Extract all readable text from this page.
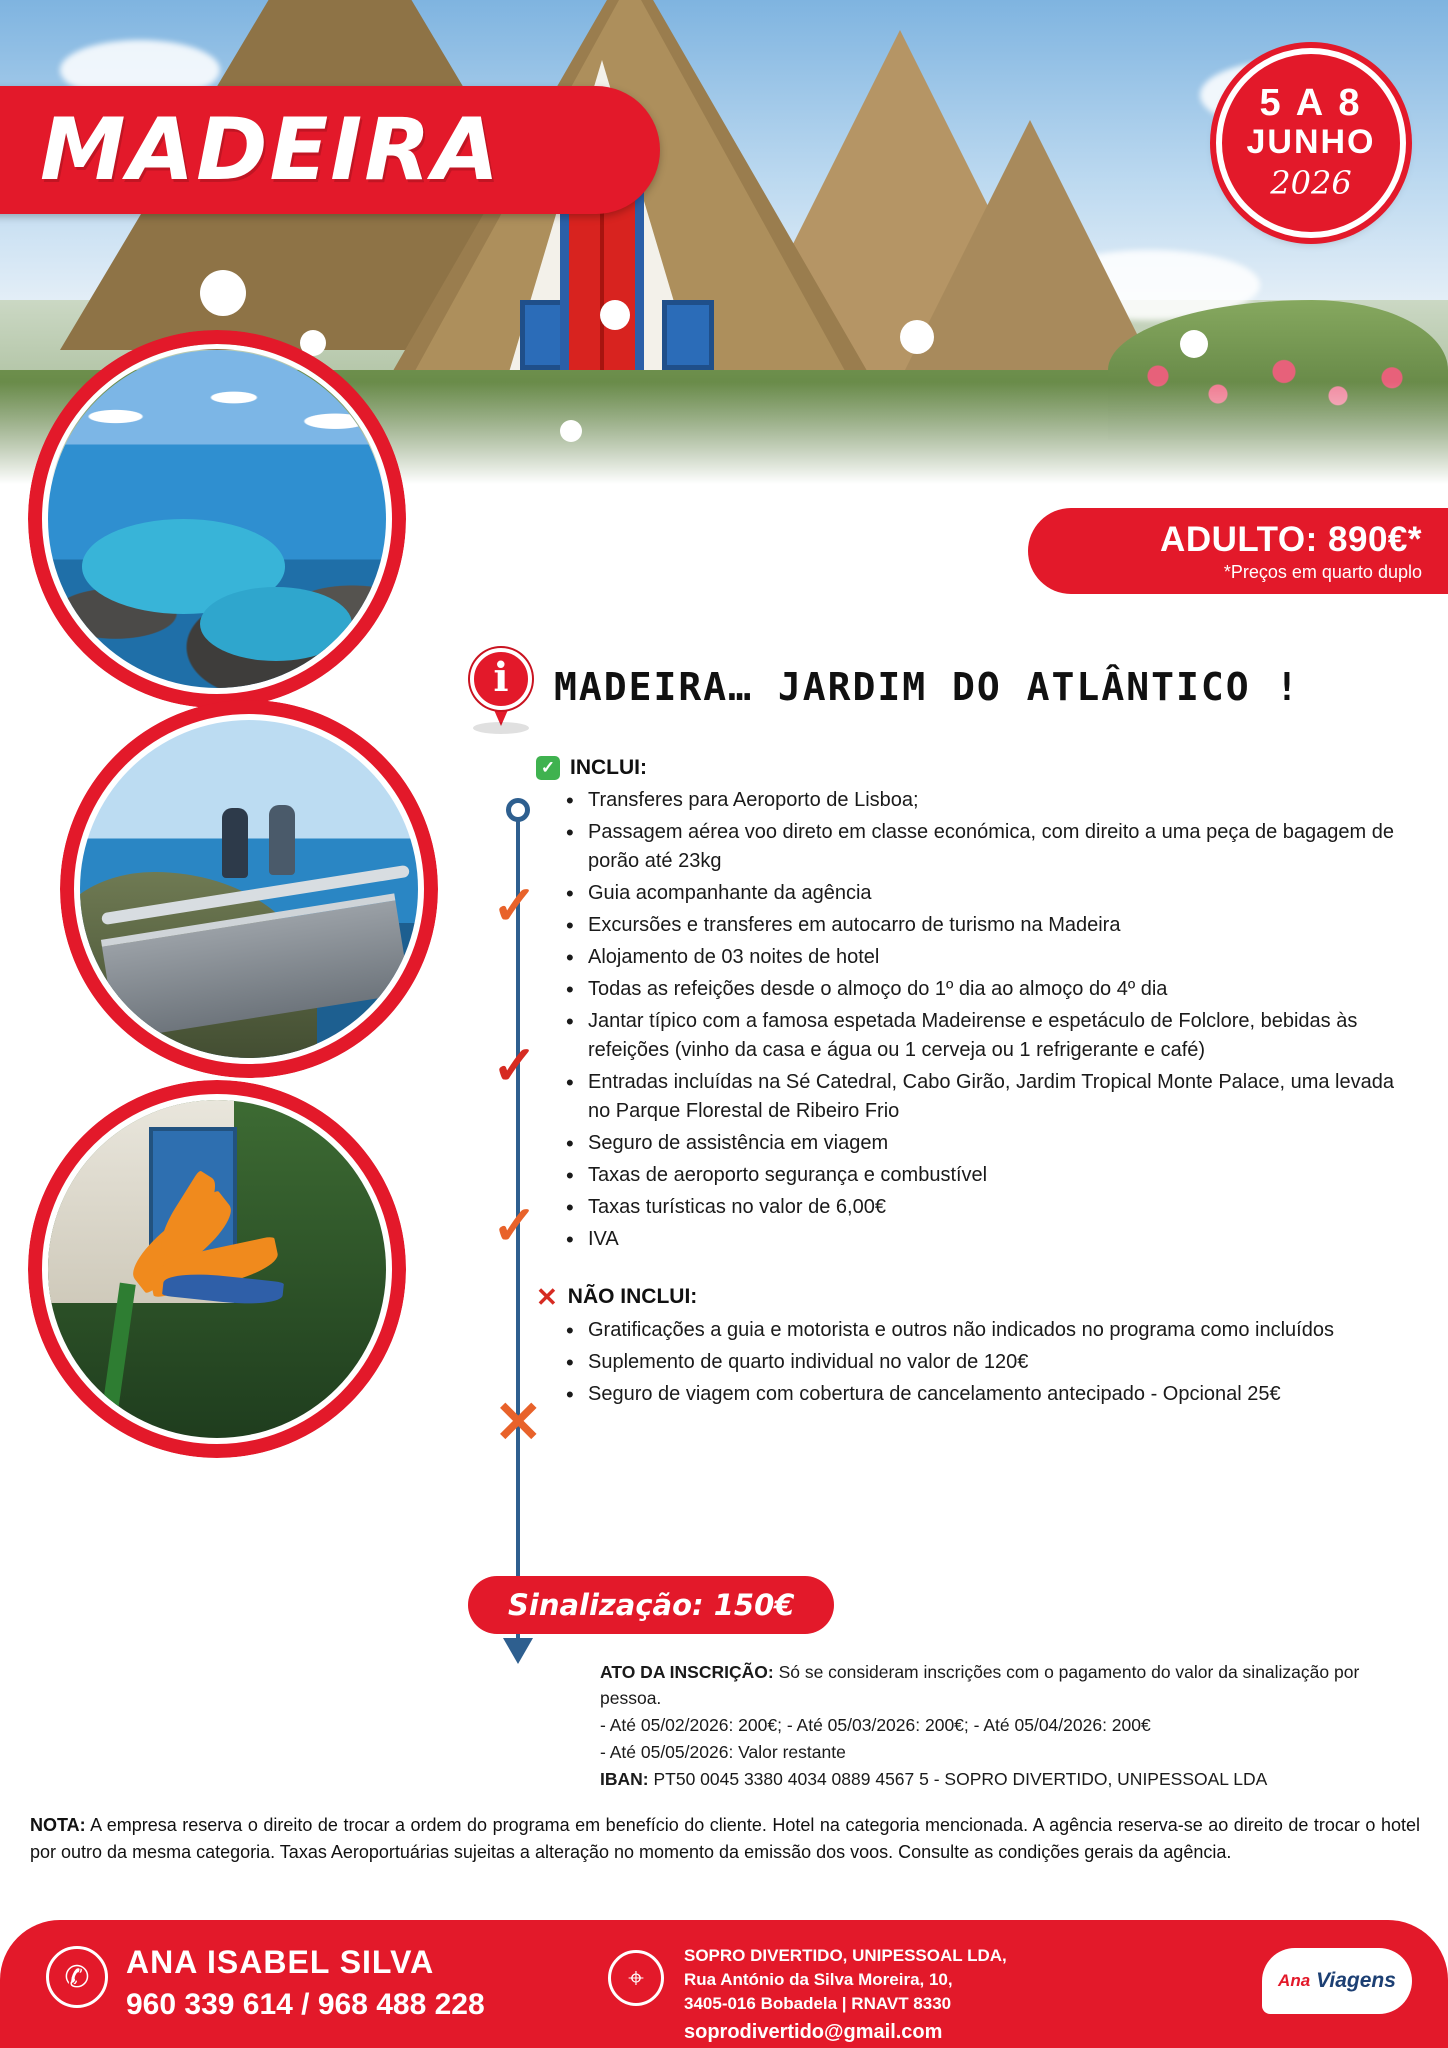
MADEIRA	5 A 8
JUNHO
2026
ADULTO: 890€*
*Preços em quarto duplo
✓
✓
✓
✕
i	MADEIRA… JARDIM DO ATLÂNTICO !
✓ INCLUI:
• Transferes para Aeroporto de Lisboa;
• Passagem aérea voo direto em classe económica, com direito a uma peça de bagagem de porão até 23kg
• Guia acompanhante da agência
• Excursões e transferes em autocarro de turismo na Madeira
• Alojamento de 03 noites de hotel
• Todas as refeições desde o almoço do 1º dia ao almoço do 4º dia
• Jantar típico com a famosa espetada Madeirense e espetáculo de Folclore, bebidas às refeições (vinho da casa e água ou 1 cerveja ou 1 refrigerante e café)
• Entradas incluídas na Sé Catedral, Cabo Girão, Jardim Tropical Monte Palace, uma levada no Parque Florestal de Ribeiro Frio
• Seguro de assistência em viagem
• Taxas de aeroporto segurança e combustível
• Taxas turísticas no valor de 6,00€
• IVA
✕ NÃO INCLUI:
• Gratificações a guia e motorista e outros não indicados no programa como incluídos
• Suplemento de quarto individual no valor de 120€
• Seguro de viagem com cobertura de cancelamento antecipado - Opcional 25€
Sinalização: 150€
ATO DA INSCRIÇÃO: Só se consideram inscrições com o pagamento do valor da sinalização por pessoa.
- Até 05/02/2026: 200€; - Até 05/03/2026: 200€; - Até 05/04/2026: 200€
- Até 05/05/2026: Valor restante
IBAN: PT50 0045 3380 4034 0889 4567 5 - SOPRO DIVERTIDO, UNIPESSOAL LDA
NOTA: A empresa reserva o direito de trocar a ordem do programa em benefício do cliente. Hotel na categoria mencionada. A agência reserva-se ao direito de trocar o hotel por outro da mesma categoria. Taxas Aeroportuárias sujeitas a alteração no momento da emissão dos voos. Consulte as condições gerais da agência.
✆	ANA ISABEL SILVA
960 339 614 / 968 488 228
⌖
SOPRO DIVERTIDO, UNIPESSOAL LDA,
Rua António da Silva Moreira, 10,
3405-016 Bobadela | RNAVT 8330
soprodivertido@gmail.com
Ana Viagens
